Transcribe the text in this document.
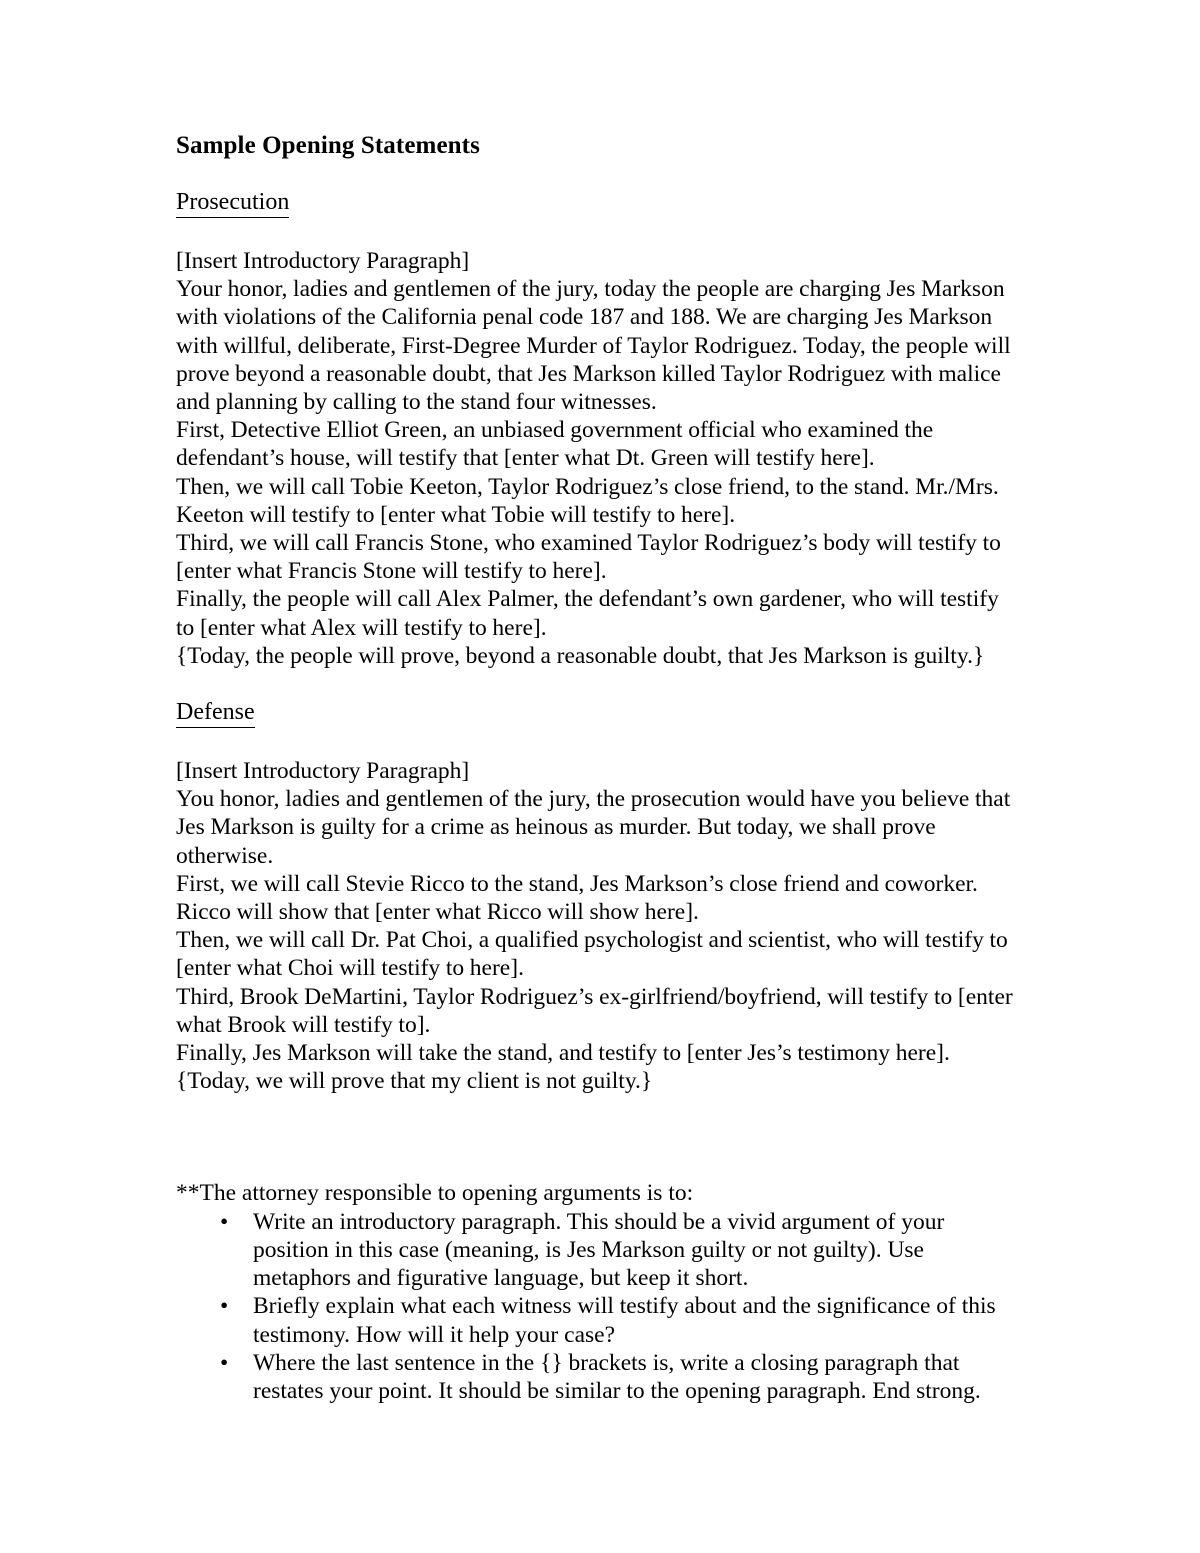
Sample Opening Statements
Prosecution

[Insert Introductory Paragraph]

Your honor, ladies and gentlemen of the jury, today the people are charging Jes Markson with violations of the California penal code 187 and 188. We are charging Jes Markson with willful, deliberate, First-Degree Murder of Taylor Rodriguez. Today, the people will prove beyond a reasonable doubt, that Jes Markson killed Taylor Rodriguez with malice and planning by calling to the stand four witnesses.

First, Detective Elliot Green, an unbiased government official who examined the defendant’s house, will testify that [enter what Dt. Green will testify here].

Then, we will call Tobie Keeton, Taylor Rodriguez’s close friend, to the stand. Mr./Mrs. Keeton will testify to [enter what Tobie will testify to here].

Third, we will call Francis Stone, who examined Taylor Rodriguez’s body will testify to [enter what Francis Stone will testify to here].

Finally, the people will call Alex Palmer, the defendant’s own gardener, who will testify to [enter what Alex will testify to here].

{Today, the people will prove, beyond a reasonable doubt, that Jes Markson is guilty.}

Defense

[Insert Introductory Paragraph]

You honor, ladies and gentlemen of the jury, the prosecution would have you believe that Jes Markson is guilty for a crime as heinous as murder. But today, we shall prove otherwise.

First, we will call Stevie Ricco to the stand, Jes Markson’s close friend and coworker. Ricco will show that [enter what Ricco will show here].

Then, we will call Dr. Pat Choi, a qualified psychologist and scientist, who will testify to [enter what Choi will testify to here].

Third, Brook DeMartini, Taylor Rodriguez’s ex-girlfriend/boyfriend, will testify to [enter what Brook will testify to].

Finally, Jes Markson will take the stand, and testify to [enter Jes’s testimony here].

{Today, we will prove that my client is not guilty.}

**The attorney responsible to opening arguments is to:

• Write an introductory paragraph. This should be a vivid argument of your position in this case (meaning, is Jes Markson guilty or not guilty). Use metaphors and figurative language, but keep it short.
• Briefly explain what each witness will testify about and the significance of this testimony. How will it help your case?
• Where the last sentence in the {} brackets is, write a closing paragraph that restates your point. It should be similar to the opening paragraph. End strong.
